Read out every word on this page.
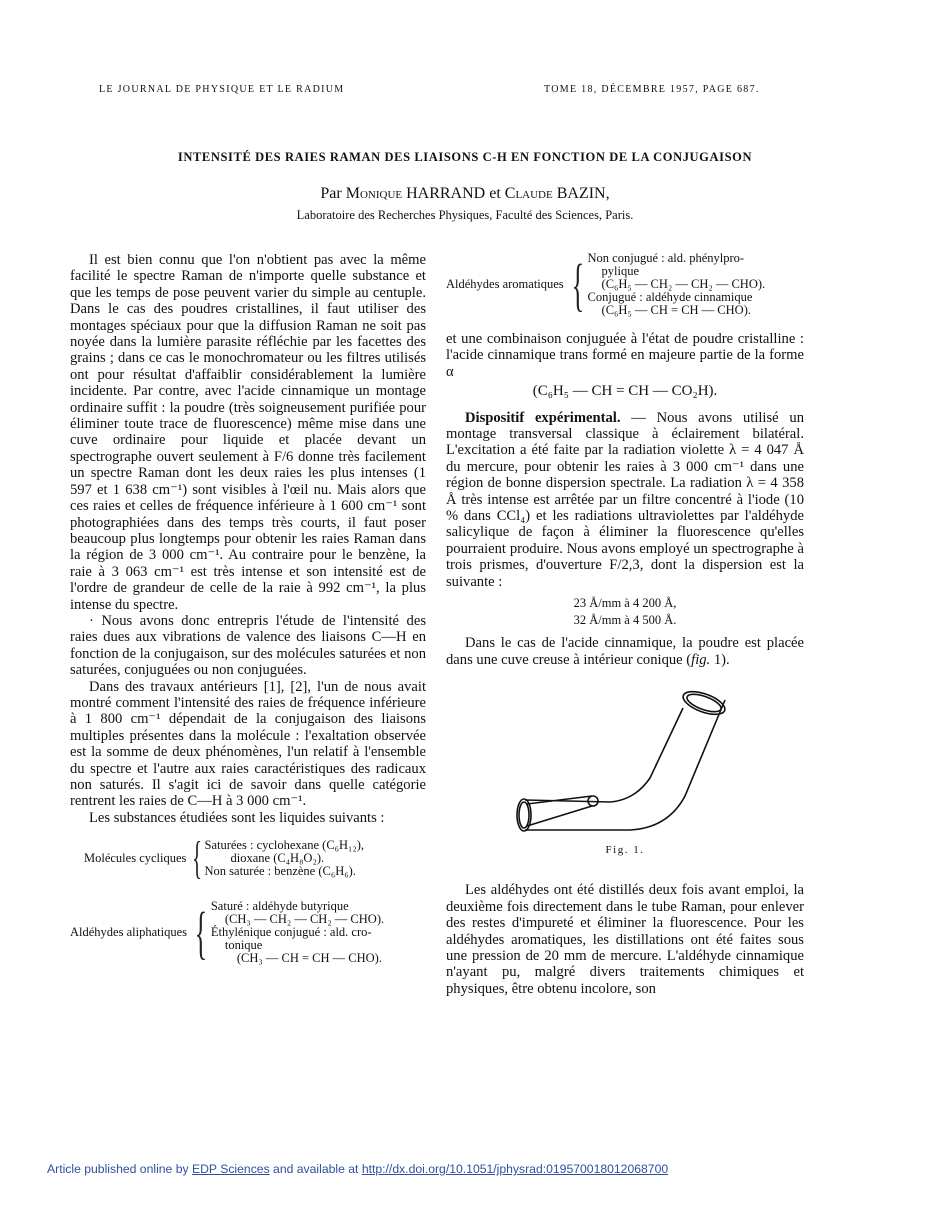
LE JOURNAL DE PHYSIQUE ET LE RADIUM	TOME 18, DÉCEMBRE 1957, PAGE 687.
INTENSITÉ DES RAIES RAMAN DES LIAISONS C-H EN FONCTION DE LA CONJUGAISON
Par Monique HARRAND et Claude BAZIN,
Laboratoire des Recherches Physiques, Faculté des Sciences, Paris.

Il est bien connu que l'on n'obtient pas avec la même facilité le spectre Raman de n'importe quelle substance et que les temps de pose peuvent varier du simple au centuple. Dans le cas des poudres cristallines, il faut utiliser des montages spéciaux pour que la diffusion Raman ne soit pas noyée dans la lumière parasite réfléchie par les facettes des grains ; dans ce cas le monochromateur ou les filtres utilisés ont pour résultat d'affaiblir considérablement la lumière incidente. Par contre, avec l'acide cinnamique un montage ordinaire suffit : la poudre (très soigneusement purifiée pour éliminer toute trace de fluorescence) même mise dans une cuve ordinaire pour liquide et placée devant un spectrographe ouvert seulement à F/6 donne très facilement un spectre Raman dont les deux raies les plus intenses (1 597 et 1 638 cm⁻¹) sont visibles à l'œil nu. Mais alors que ces raies et celles de fréquence inférieure à 1 600 cm⁻¹ sont photographiées dans des temps très courts, il faut poser beaucoup plus longtemps pour obtenir les raies Raman dans la région de 3 000 cm⁻¹. Au contraire pour le benzène, la raie à 3 063 cm⁻¹ est très intense et son intensité est de l'ordre de grandeur de celle de la raie à 992 cm⁻¹, la plus intense du spectre.

· Nous avons donc entrepris l'étude de l'intensité des raies dues aux vibrations de valence des liaisons C—H en fonction de la conjugaison, sur des molécules saturées et non saturées, conjuguées ou non conjuguées.

Dans des travaux antérieurs [1], [2], l'un de nous avait montré comment l'intensité des raies de fréquence inférieure à 1 800 cm⁻¹ dépendait de la conjugaison des liaisons multiples présentes dans la molécule : l'exaltation observée est la somme de deux phénomènes, l'un relatif à l'ensemble du spectre et l'autre aux raies caractéristiques des radicaux non saturés. Il s'agit ici de savoir dans quelle catégorie rentrent les raies de C—H à 3 000 cm⁻¹.

Les substances étudiées sont les liquides suivants :

Molécules cycliques { Saturées : cyclohexane (C₆H₁₂),
dioxane (C₄H₈O₂).
Non saturée : benzène (C₆H₆).
Aldéhydes aliphatiques { Saturé : aldéhyde butyrique
(CH₃ — CH₂ — CH₂ — CHO).
Éthylénique conjugué : ald. cro-
tonique
(CH₃ — CH = CH — CHO).
Aldéhydes aromatiques { Non conjugué : ald. phénylpro-
pylique
(C₆H₅ — CH₂ — CH₂ — CHO).
Conjugué : aldéhyde cinnamique
(C₆H₅ — CH = CH — CHO).

et une combinaison conjuguée à l'état de poudre cristalline : l'acide cinnamique trans formé en majeure partie de la forme α

(C₆H₅ — CH = CH — CO₂H).

Dispositif expérimental. — Nous avons utilisé un montage transversal classique à éclairement bilatéral. L'excitation a été faite par la radiation violette λ = 4 047 Å du mercure, pour obtenir les raies à 3 000 cm⁻¹ dans une région de bonne dispersion spectrale. La radiation λ = 4 358 Å très intense est arrêtée par un filtre concentré à l'iode (10 % dans CCl₄) et les radiations ultraviolettes par l'aldéhyde salicylique de façon à éliminer la fluorescence qu'elles pourraient produire. Nous avons employé un spectrographe à trois prismes, d'ouverture F/2,3, dont la dispersion est la suivante :

23 Å/mm à 4 200 Å,
32 Å/mm à 4 500 Å.

Dans le cas de l'acide cinnamique, la poudre est placée dans une cuve creuse à intérieur conique (fig. 1).

Fig. 1.

Les aldéhydes ont été distillés deux fois avant emploi, la deuxième fois directement dans le tube Raman, pour enlever des restes d'impureté et éliminer la fluorescence. Pour les aldéhydes aromatiques, les distillations ont été faites sous une pression de 20 mm de mercure. L'aldéhyde cinnamique n'ayant pu, malgré divers traitements chimiques et physiques, être obtenu incolore, son

Article published online by EDP Sciences and available at http://dx.doi.org/10.1051/jphysrad:019570018012068700
